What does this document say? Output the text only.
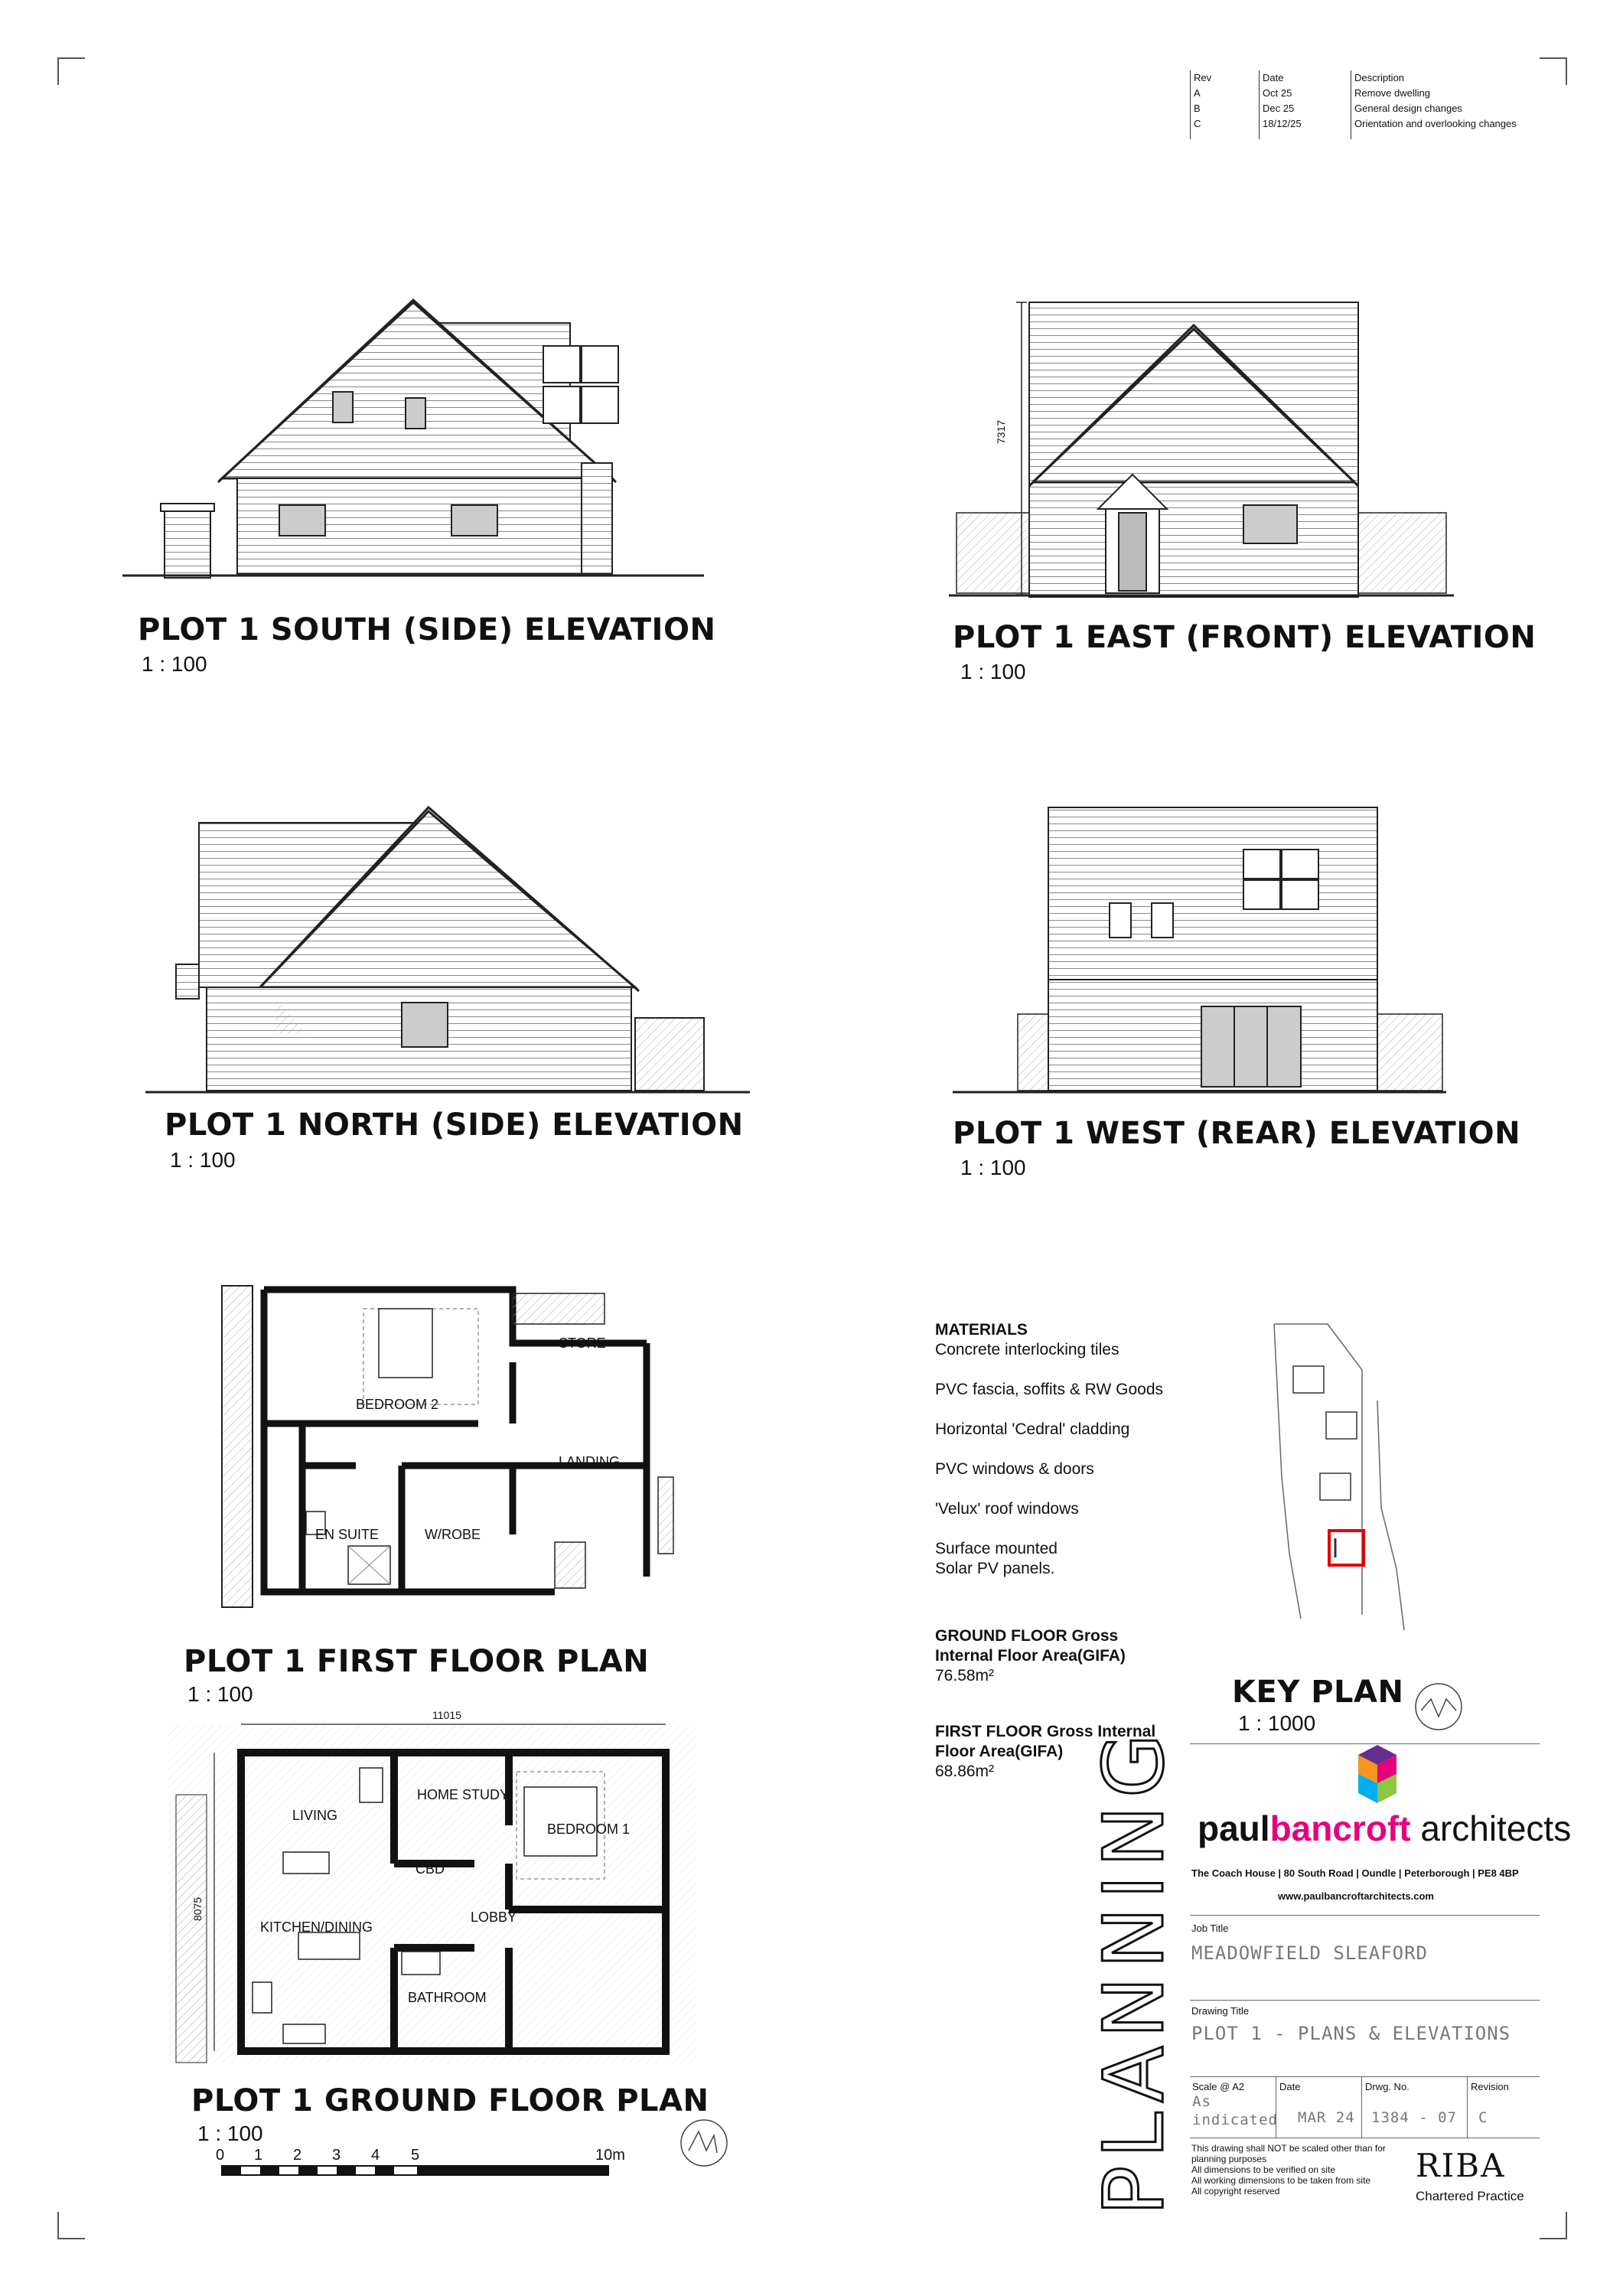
Rev
A
B
C
Date
Oct 25
Dec 25
18/12/25
Description
Remove dwelling
General design changes
Orientation and overlooking changes
PLOT 1 SOUTH (SIDE) ELEVATION
1 : 100
7317
PLOT 1 EAST (FRONT) ELEVATION
1 : 100
PLOT 1 NORTH (SIDE) ELEVATION
1 : 100
PLOT 1 WEST (REAR) ELEVATION
1 : 100
STORE
BEDROOM 2
LANDING
EN SUITE	W/ROBE
PLOT 1 FIRST FLOOR PLAN
1 : 100
11015
8075
LIVING
HOME STUDY
BEDROOM 1
CBD
KITCHEN/DINING
LOBBY
BATHROOM
PLOT 1 GROUND FLOOR PLAN
1 : 100
0 1 2 3 4 5	10m
MATERIALS
Concrete interlocking tiles
PVC fascia, soffits & RW Goods
Horizontal 'Cedral' cladding
PVC windows & doors
'Velux' roof windows
Surface mounted Solar PV panels.
GROUND FLOOR Gross Internal Floor Area(GIFA)
76.58m²
FIRST FLOOR Gross Internal Floor Area(GIFA)
68.86m²
KEY PLAN
1 : 1000
paulbancroft architects
The Coach House | 80 South Road | Oundle | Peterborough | PE8 4BP
www.paulbancroftarchitects.com
Job Title
MEADOWFIELD SLEAFORD
Drawing Title
PLOT 1 - PLANS & ELEVATIONS
Scale @ A2
As indicated
Date
MAR 24
Drwg. No.
1384 - 07
Revision
C
This drawing shall NOT be scaled other than for planning purposes
All dimensions to be verified on site
All working dimensions to be taken from site
All copyright reserved
RIBA
Chartered Practice
PLANNING
